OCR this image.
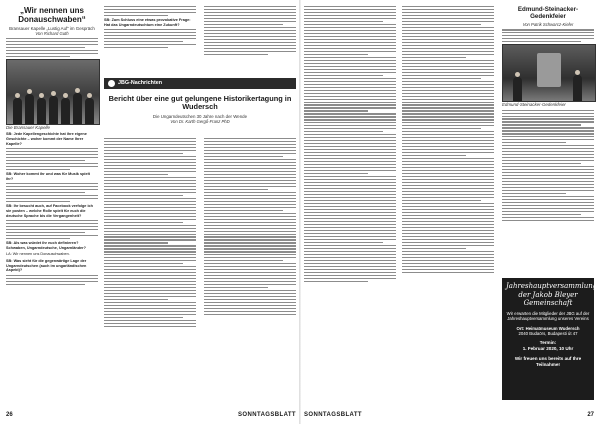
„Wir nennen uns Donauschwaben“
Bransauer Kapelle „Lustig Auf“ im Gespräch
Von Richard Guth
Die Bransauer Kapelle
SB: Jede Kapellengeschichte hat ihre eigene Geschichte – woher kommt der Name Ihrer Kapelle?
SB: Woher kommt ihr und was für Musik spielt ihr?
SB: Ihr besucht auch, auf Facebook verfolge ich sie posten – welche Rolle spielt für euch die deutsche Sprache bis die Vergangenheit?
SB: Als was würdet ihr euch definieren? Schwaben, Ungarndeutsche, Ungarnländer?
LA: Wir nennen uns Donauschwaben.
SB: Was sieht für die gegenwärtige Lage der Ungarndeutschen (auch im ungarländischen Aspekt)?
SB: Zum Schluss eine etwas provokative Frage: Hat das Ungarndeutschtum eine Zukunft?
JBG-Nachrichten
Bericht über eine gut gelungene Historikertagung in Wudersch
Die Ungarndeutschen 30 Jahre nach der Wende
Von Dr. Karth Gergő-Franz PhD
26	SONNTAGSBLATT
Edmund-Steinacker-Gedenkfeier
Von Patrik Schwarcz-Kiefer
Edmund-Steinacker-Gedenkfeier
Jahreshauptversammlung der Jakob Bleyer Gemeinschaft
Wir erwarten die Mitglieder der JBG auf der Jahreshauptversammlung unseres Vereins
Ort: Heimatmuseum Wudersch
2040 Budaörs, Budapesti út 47
Termin:
1. Februar 2020, 10 Uhr
Wir freuen uns bereits auf Ihre Teilnahme!
SONNTAGSBLATT	27
